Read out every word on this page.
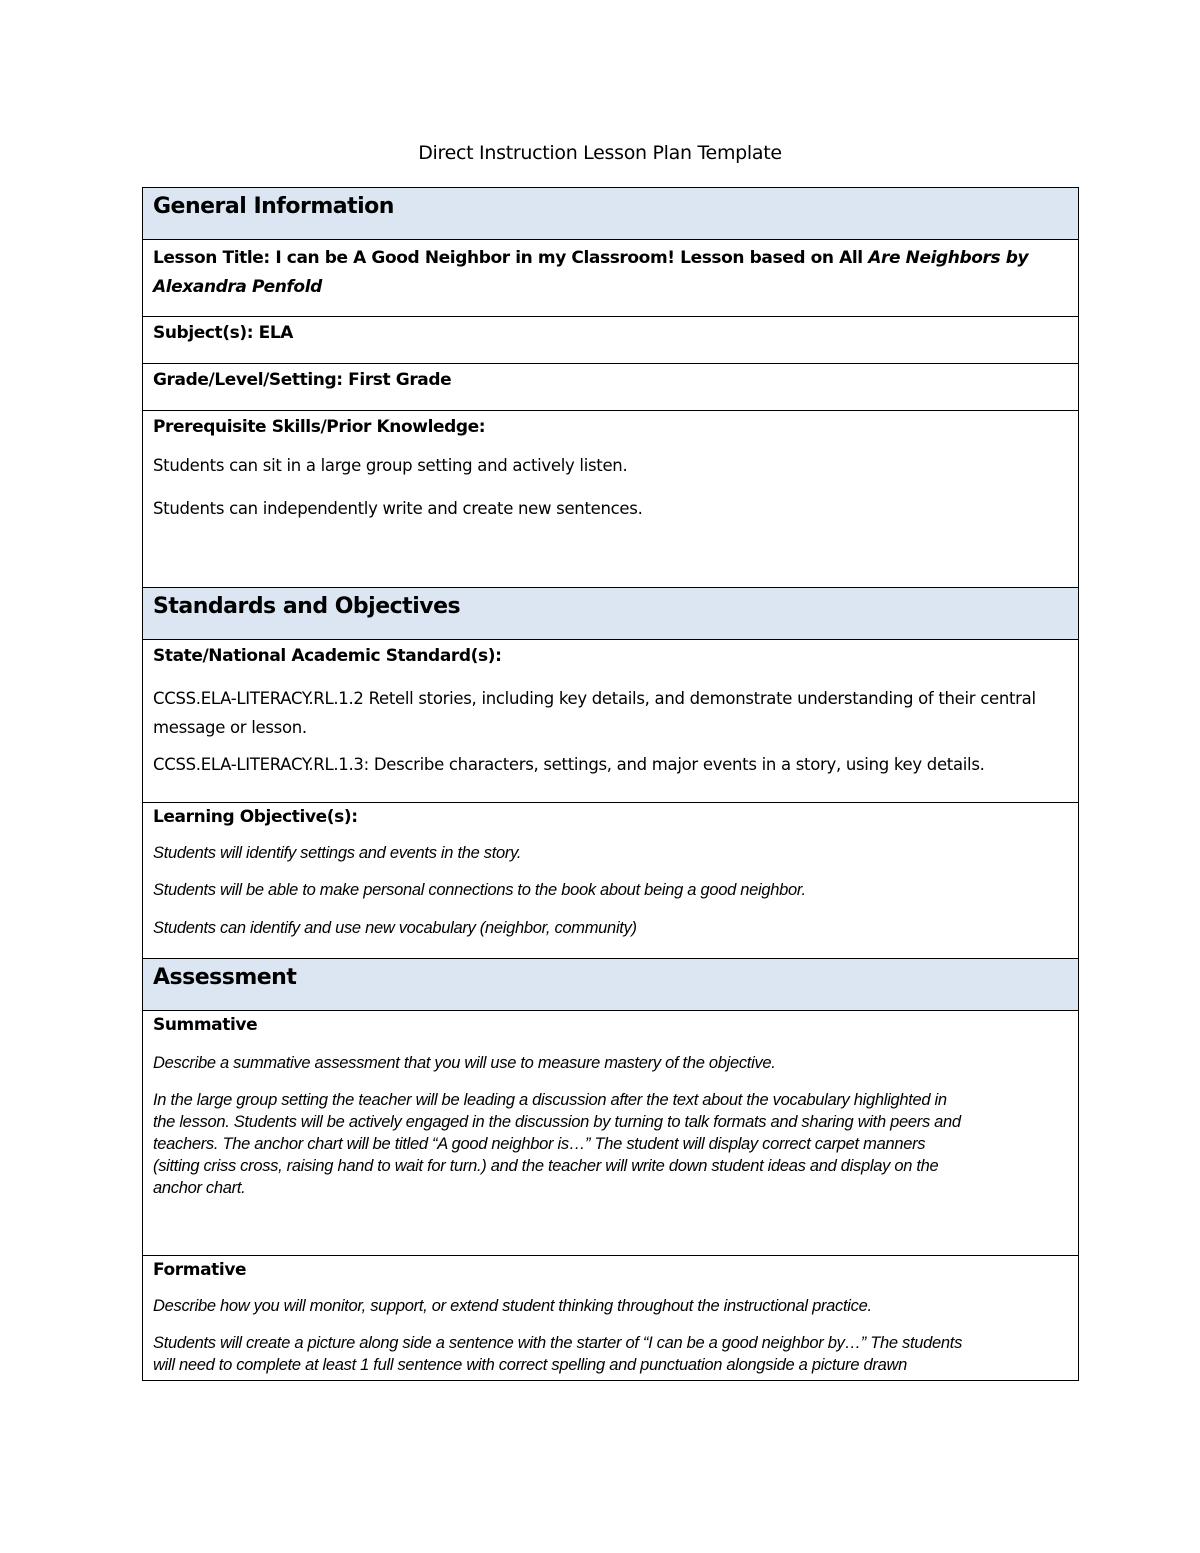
Direct Instruction Lesson Plan Template
General Information
Lesson Title: I can be A Good Neighbor in my Classroom! Lesson based on All Are Neighbors by
Alexandra Penfold
Subject(s): ELA
Grade/Level/Setting: First Grade

Prerequisite Skills/Prior Knowledge:
Students can sit in a large group setting and actively listen.
Students can independently write and create new sentences.

Standards and Objectives

State/National Academic Standard(s):
CCSS.ELA-LITERACY.RL.1.2 Retell stories, including key details, and demonstrate understanding of their central message or lesson.
CCSS.ELA-LITERACY.RL.1.3: Describe characters, settings, and major events in a story, using key details.

Learning Objective(s):
Students will identify settings and events in the story.
Students will be able to make personal connections to the book about being a good neighbor.
Students can identify and use new vocabulary (neighbor, community)

Assessment

Summative
Describe a summative assessment that you will use to measure mastery of the objective.
In the large group setting the teacher will be leading a discussion after the text about the vocabulary highlighted in
the lesson. Students will be actively engaged in the discussion by turning to talk formats and sharing with peers and
teachers. The anchor chart will be titled “A good neighbor is…” The student will display correct carpet manners
(sitting criss cross, raising hand to wait for turn.) and the teacher will write down student ideas and display on the
anchor chart.

Formative
Describe how you will monitor, support, or extend student thinking throughout the instructional practice.
Students will create a picture along side a sentence with the starter of “I can be a good neighbor by…” The students
will need to complete at least 1 full sentence with correct spelling and punctuation alongside a picture drawn
